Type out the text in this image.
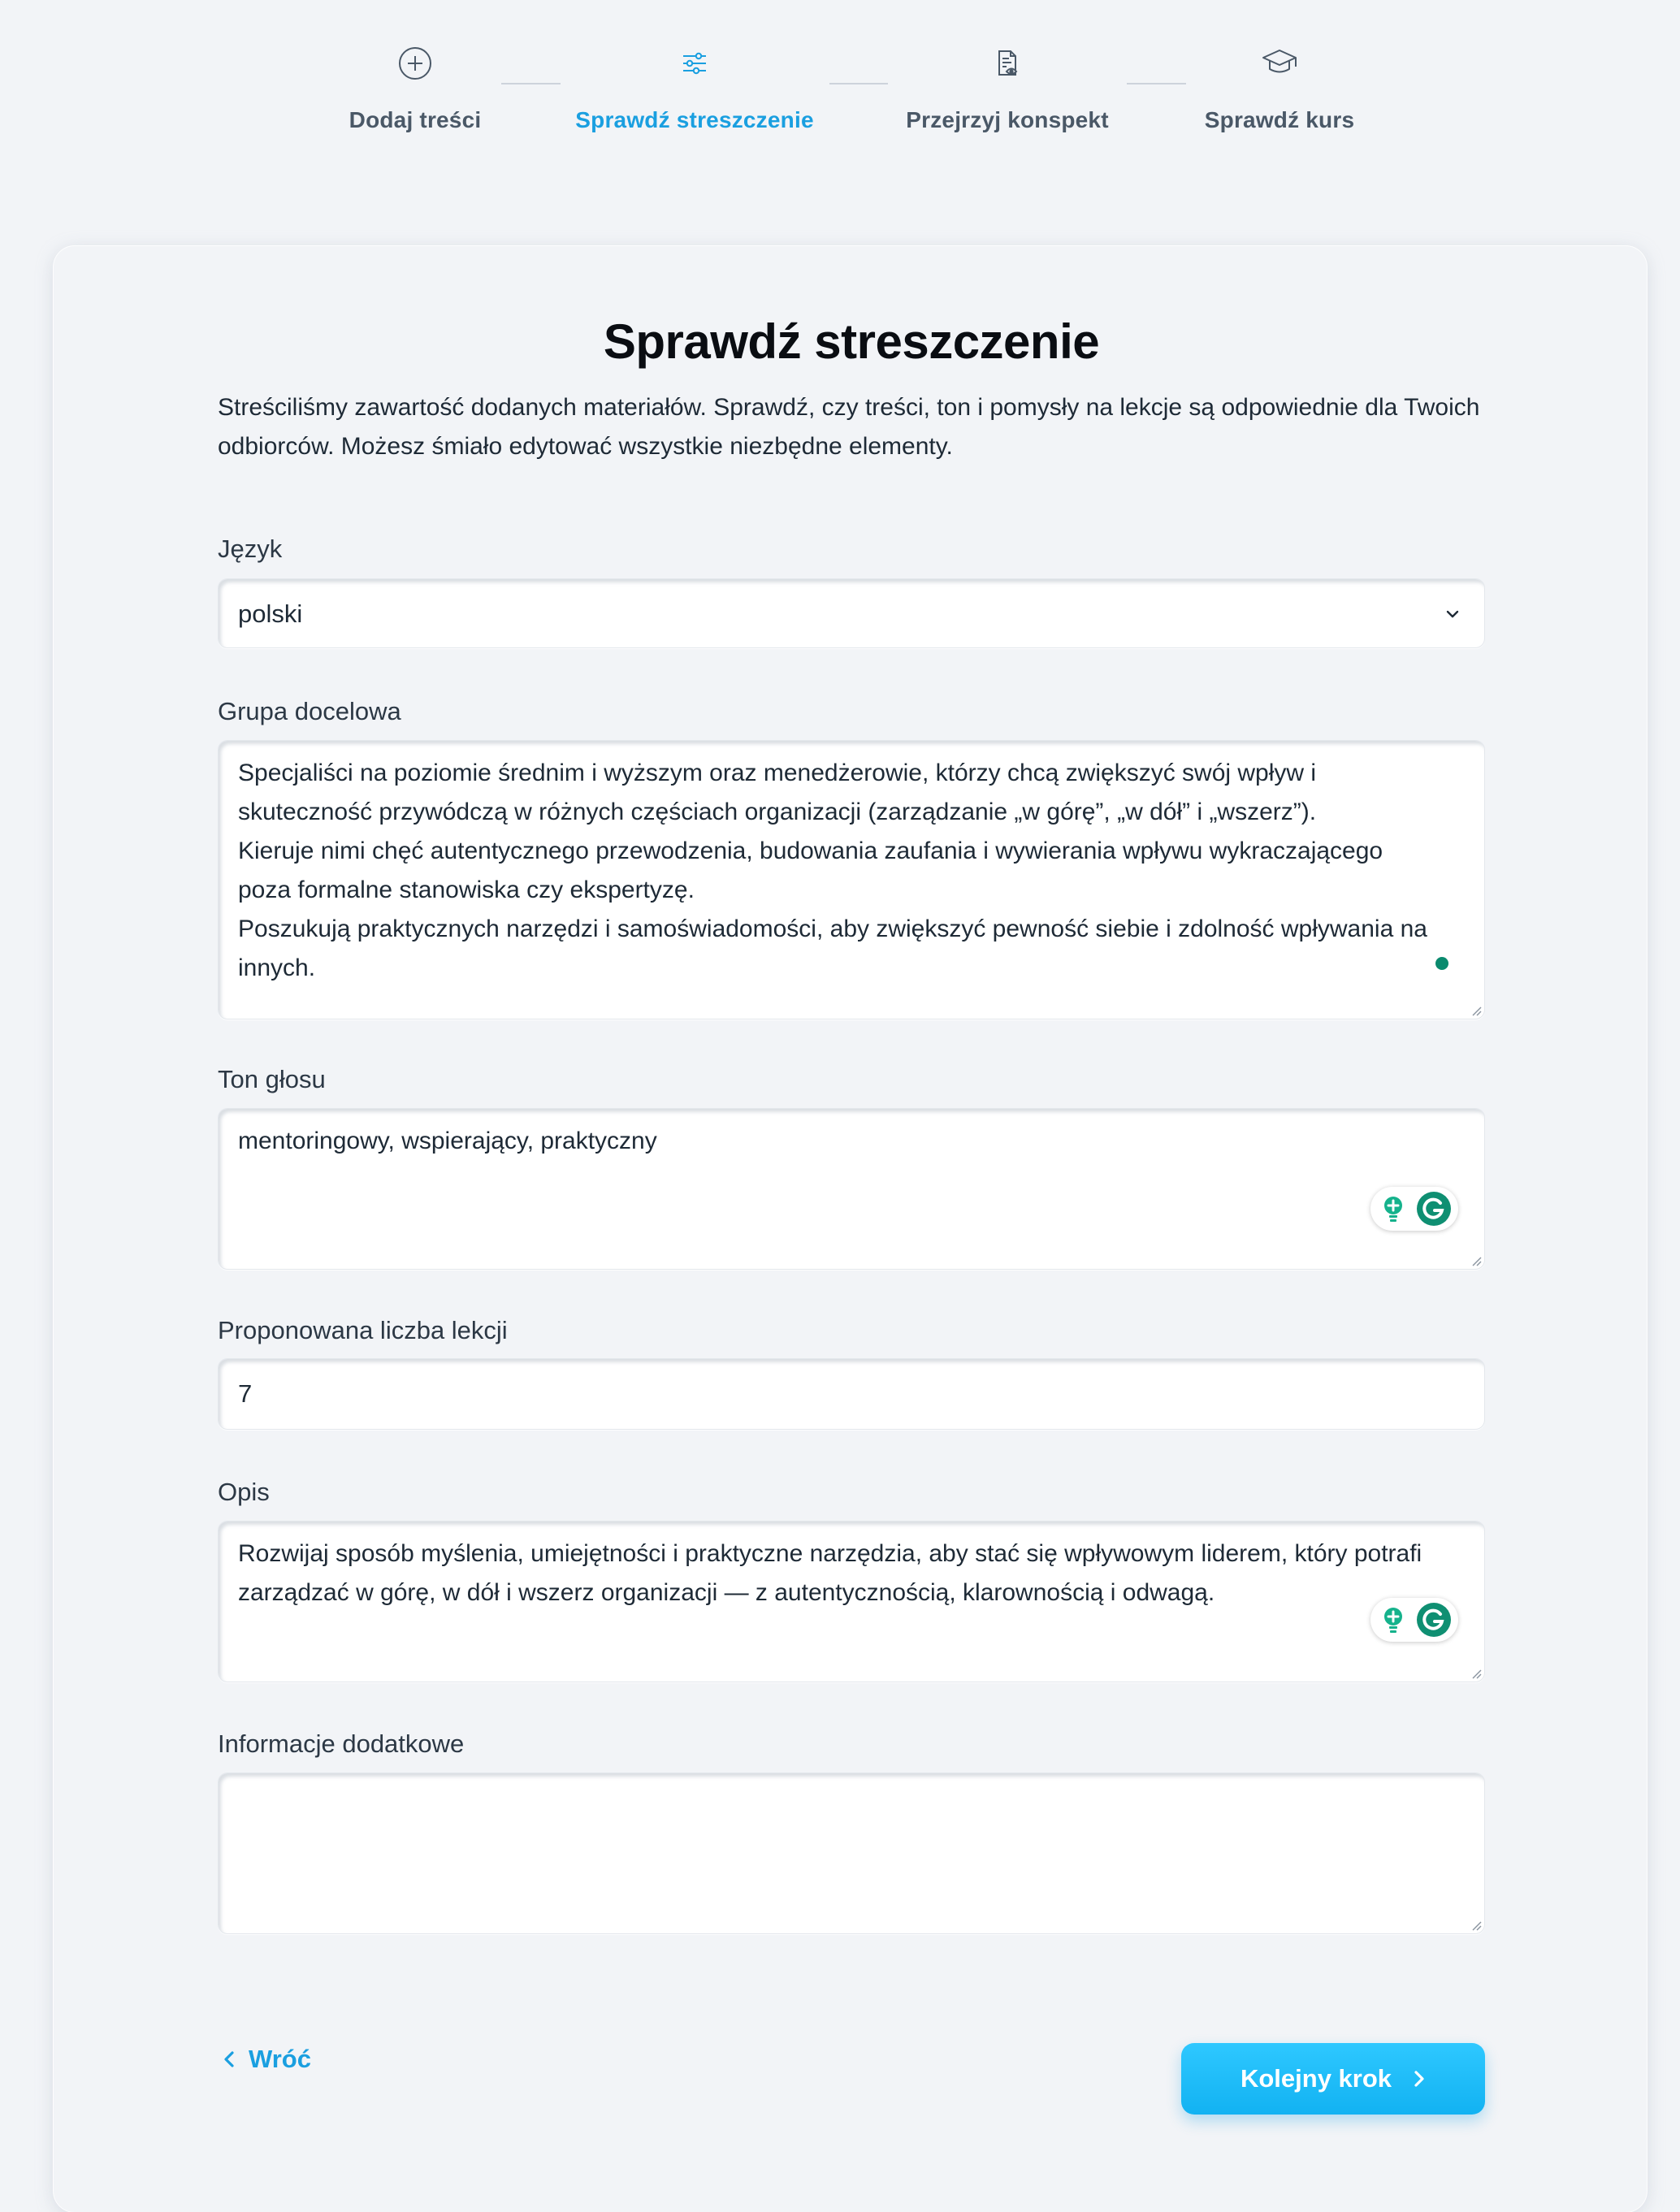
Dodaj treści	Sprawdź streszczenie	Przejrzyj konspekt	Sprawdź kurs
Sprawdź streszczenie

Streściliśmy zawartość dodanych materiałów. Sprawdź, czy treści, ton i pomysły na lekcje są odpowiednie dla Twoich odbiorców. Możesz śmiało edytować wszystkie niezbędne elementy.

Język
polski
Grupa docelowa
Specjaliści na poziomie średnim i wyższym oraz menedżerowie, którzy chcą zwiększyć swój wpływ i skuteczność przywódczą w różnych częściach organizacji (zarządzanie „w górę”, „w dół” i „wszerz”).
Kieruje nimi chęć autentycznego przewodzenia, budowania zaufania i wywierania wpływu wykraczającego poza formalne stanowiska czy ekspertyzę.
Poszukują praktycznych narzędzi i samoświadomości, aby zwiększyć pewność siebie i zdolność wpływania na innych.
Ton głosu
mentoringowy, wspierający, praktyczny
Proponowana liczba lekcji
7
Opis
Rozwijaj sposób myślenia, umiejętności i praktyczne narzędzia, aby stać się wpływowym liderem, który potrafi zarządzać w górę, w dół i wszerz organizacji — z autentycznością, klarownością i odwagą.
Informacje dodatkowe
Wróć
Kolejny krok
